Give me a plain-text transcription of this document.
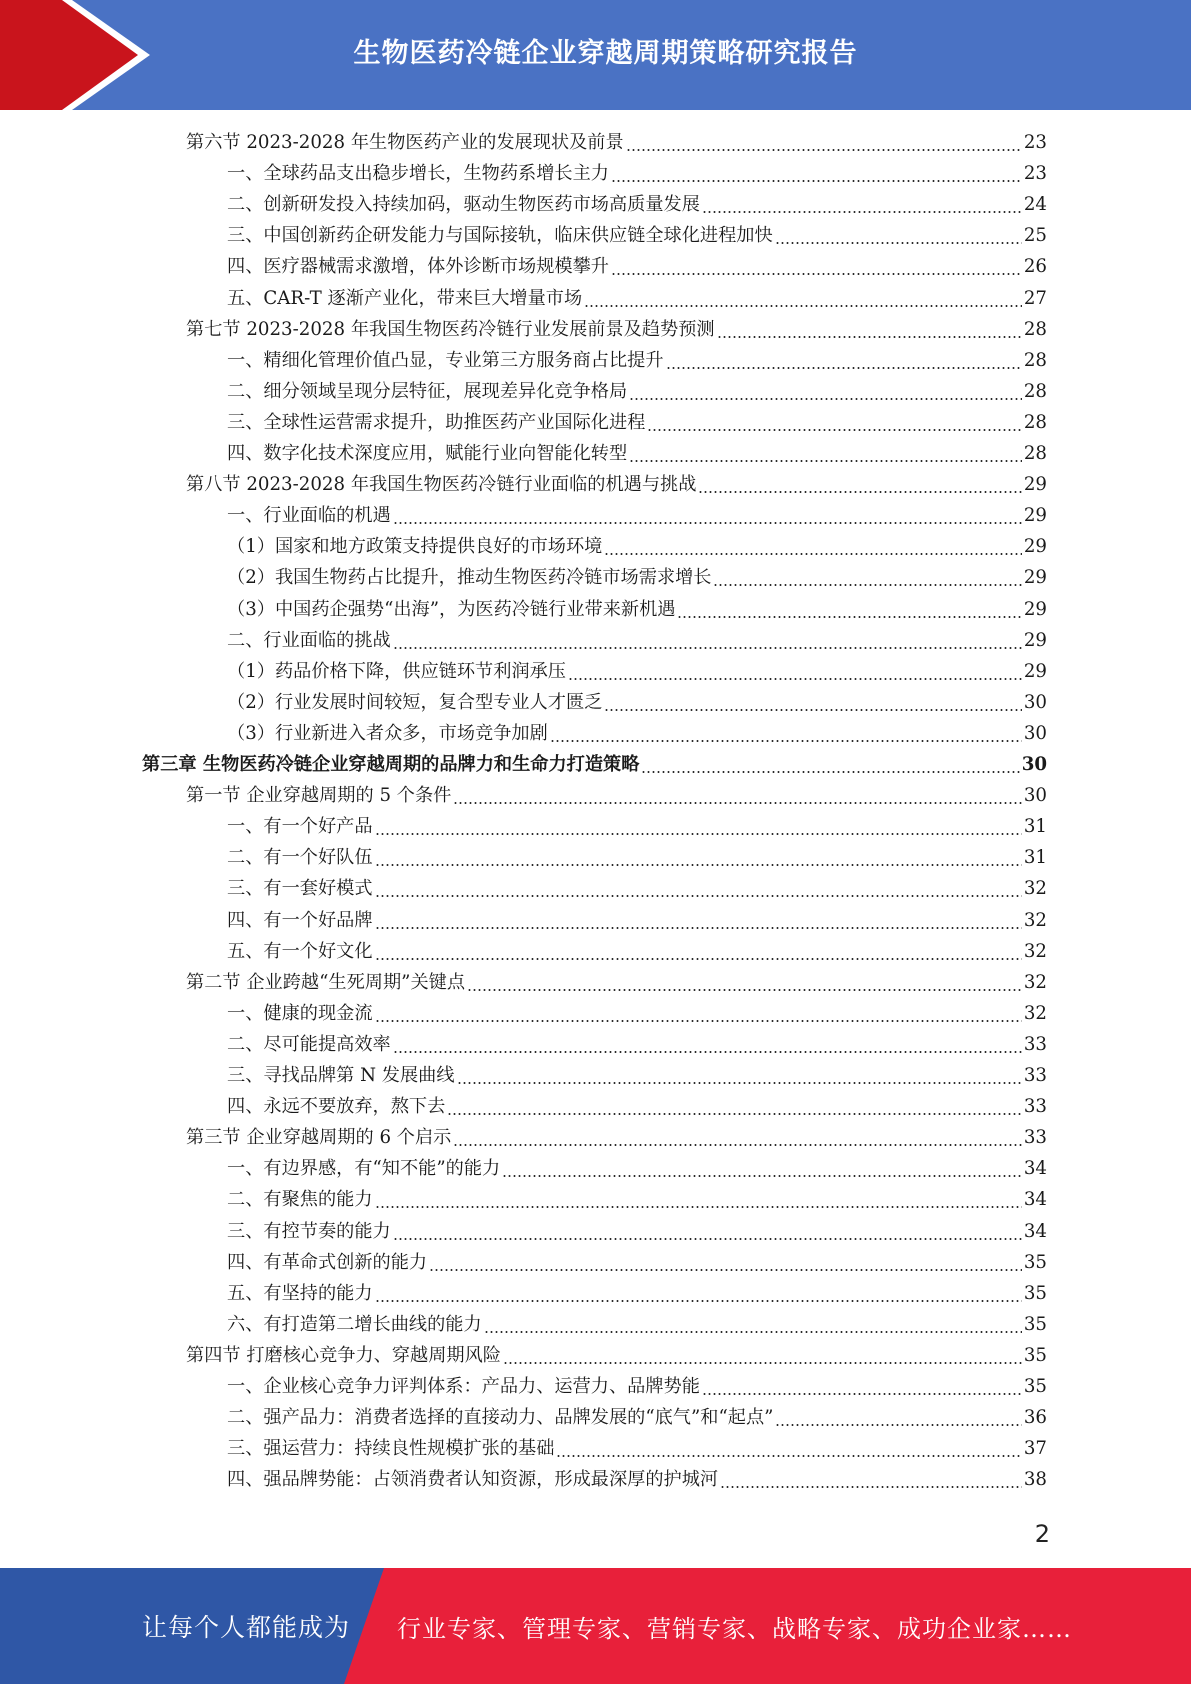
生物医药冷链企业穿越周期策略研究报告
第六节 2023-2028 年生物医药产业的发展现状及前景	23
一、全球药品支出稳步增长，生物药系增长主力	23
二、创新研发投入持续加码，驱动生物医药市场高质量发展	24
三、中国创新药企研发能力与国际接轨，临床供应链全球化进程加快	25
四、医疗器械需求激增，体外诊断市场规模攀升	26
五、CAR-T 逐渐产业化，带来巨大增量市场	27
第七节 2023-2028 年我国生物医药冷链行业发展前景及趋势预测	28
一、精细化管理价值凸显，专业第三方服务商占比提升	28
二、细分领域呈现分层特征，展现差异化竞争格局	28
三、全球性运营需求提升，助推医药产业国际化进程	28
四、数字化技术深度应用，赋能行业向智能化转型	28
第八节 2023-2028 年我国生物医药冷链行业面临的机遇与挑战	29
一、行业面临的机遇	29
（1）国家和地方政策支持提供良好的市场环境	29
（2）我国生物药占比提升，推动生物医药冷链市场需求增长	29
（3）中国药企强势“出海”，为医药冷链行业带来新机遇	29
二、行业面临的挑战	29
（1）药品价格下降，供应链环节利润承压	29
（2）行业发展时间较短，复合型专业人才匮乏	30
（3）行业新进入者众多，市场竞争加剧	30
第三章 生物医药冷链企业穿越周期的品牌力和生命力打造策略	30
第一节 企业穿越周期的 5 个条件	30
一、有一个好产品	31
二、有一个好队伍	31
三、有一套好模式	32
四、有一个好品牌	32
五、有一个好文化	32
第二节 企业跨越“生死周期”关键点	32
一、健康的现金流	32
二、尽可能提高效率	33
三、寻找品牌第 N 发展曲线	33
四、永远不要放弃，熬下去	33
第三节 企业穿越周期的 6 个启示	33
一、有边界感，有“知不能”的能力	34
二、有聚焦的能力	34
三、有控节奏的能力	34
四、有革命式创新的能力	35
五、有坚持的能力	35
六、有打造第二增长曲线的能力	35
第四节 打磨核心竞争力、穿越周期风险	35
一、企业核心竞争力评判体系：产品力、运营力、品牌势能	35
二、强产品力：消费者选择的直接动力、品牌发展的“底气”和“起点”	36
三、强运营力：持续良性规模扩张的基础	37
四、强品牌势能：占领消费者认知资源，形成最深厚的护城河	38
2
让每个人都能成为 行业专家、管理专家、营销专家、战略专家、成功企业家……
